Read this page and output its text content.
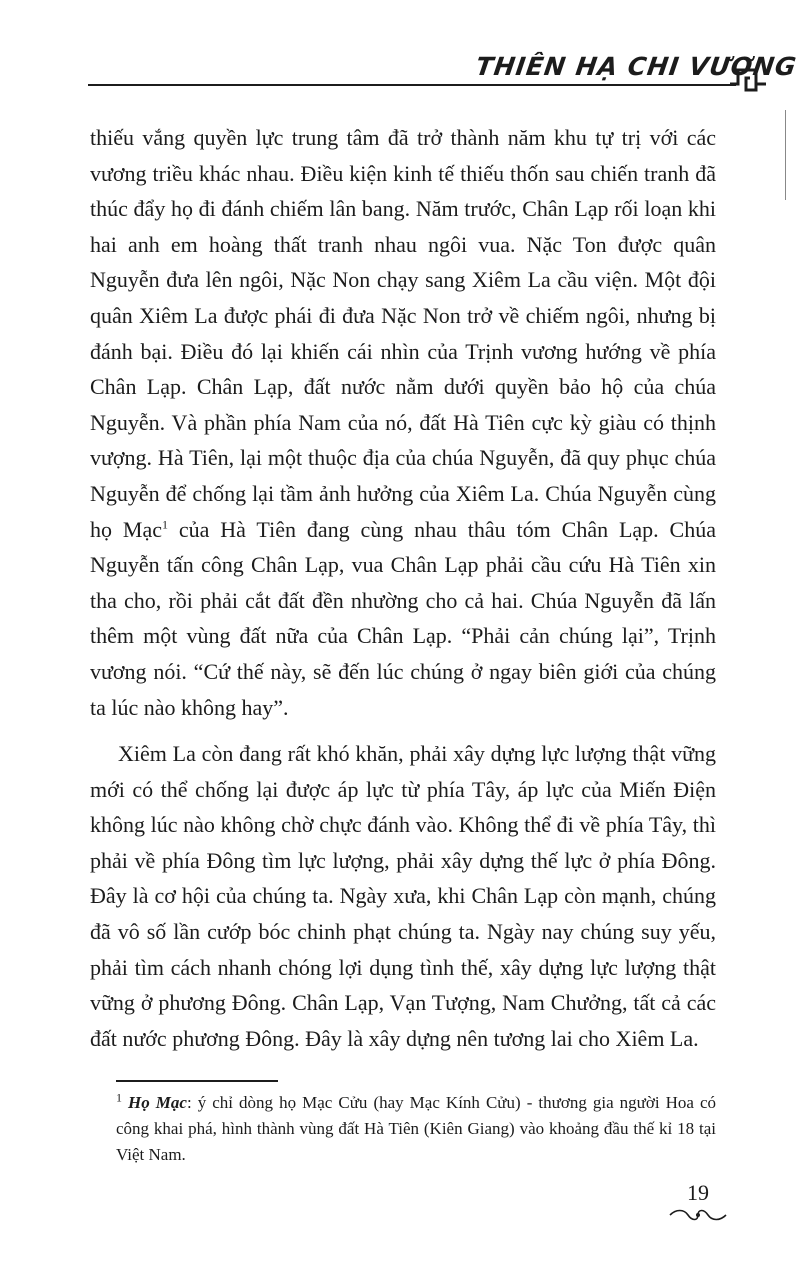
THIÊN HẠ CHI VƯƠNG

thiếu vắng quyền lực trung tâm đã trở thành năm khu tự trị với các vương triều khác nhau. Điều kiện kinh tế thiếu thốn sau chiến tranh đã thúc đẩy họ đi đánh chiếm lân bang. Năm trước, Chân Lạp rối loạn khi hai anh em hoàng thất tranh nhau ngôi vua. Nặc Ton được quân Nguyễn đưa lên ngôi, Nặc Non chạy sang Xiêm La cầu viện. Một đội quân Xiêm La được phái đi đưa Nặc Non trở về chiếm ngôi, nhưng bị đánh bại. Điều đó lại khiến cái nhìn của Trịnh vương hướng về phía Chân Lạp. Chân Lạp, đất nước nằm dưới quyền bảo hộ của chúa Nguyễn. Và phần phía Nam của nó, đất Hà Tiên cực kỳ giàu có thịnh vượng. Hà Tiên, lại một thuộc địa của chúa Nguyễn, đã quy phục chúa Nguyễn để chống lại tầm ảnh hưởng của Xiêm La. Chúa Nguyễn cùng họ Mạc$^1$ của Hà Tiên đang cùng nhau thâu tóm Chân Lạp. Chúa Nguyễn tấn công Chân Lạp, vua Chân Lạp phải cầu cứu Hà Tiên xin tha cho, rồi phải cắt đất đền nhường cho cả hai. Chúa Nguyễn đã lấn thêm một vùng đất nữa của Chân Lạp. “Phải cản chúng lại”, Trịnh vương nói. “Cứ thế này, sẽ đến lúc chúng ở ngay biên giới của chúng ta lúc nào không hay”.

Xiêm La còn đang rất khó khăn, phải xây dựng lực lượng thật vững mới có thể chống lại được áp lực từ phía Tây, áp lực của Miến Điện không lúc nào không chờ chực đánh vào. Không thể đi về phía Tây, thì phải về phía Đông tìm lực lượng, phải xây dựng thế lực ở phía Đông. Đây là cơ hội của chúng ta. Ngày xưa, khi Chân Lạp còn mạnh, chúng đã vô số lần cướp bóc chinh phạt chúng ta. Ngày nay chúng suy yếu, phải tìm cách nhanh chóng lợi dụng tình thế, xây dựng lực lượng thật vững ở phương Đông. Chân Lạp, Vạn Tượng, Nam Chưởng, tất cả các đất nước phương Đông. Đây là xây dựng nên tương lai cho Xiêm La.

$^1$ Họ Mạc: ý chỉ dòng họ Mạc Cửu (hay Mạc Kính Cửu) - thương gia người Hoa có công khai phá, hình thành vùng đất Hà Tiên (Kiên Giang) vào khoảng đầu thế kỉ 18 tại Việt Nam.
19
